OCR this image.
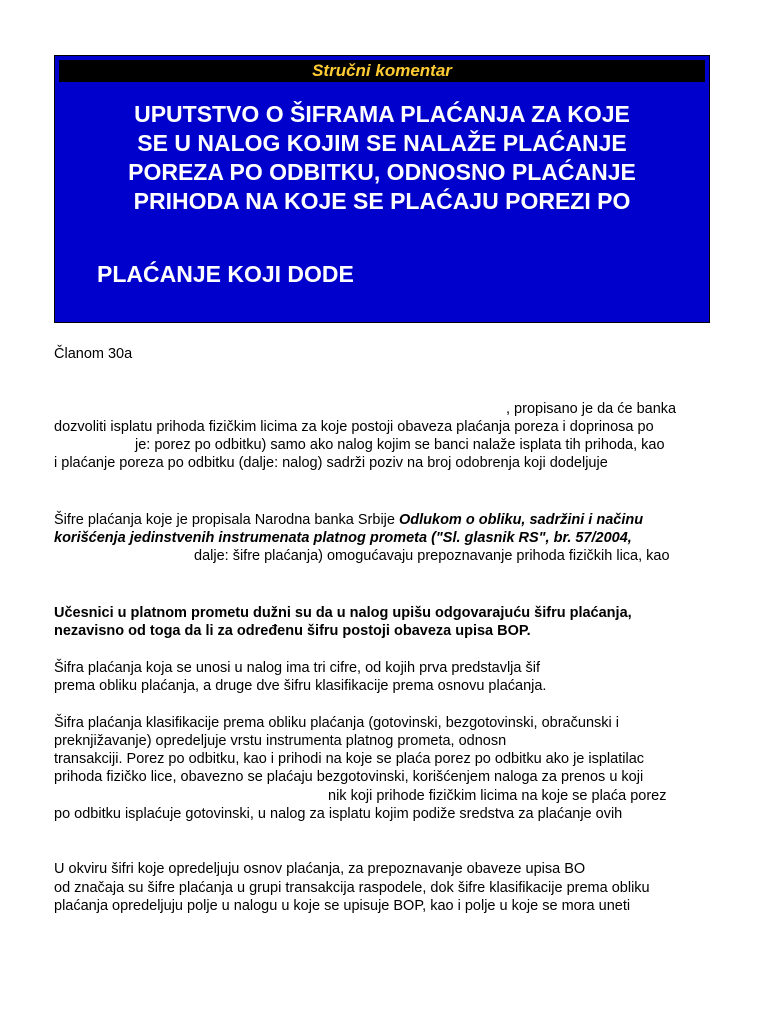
Stručni komentar
UPUTSTVO O ŠIFRAMA PLAĆANJA ZA KOJE
SE U NALOG KOJIM SE NALAŽE PLAĆANJE
POREZA PO ODBITKU, ODNOSNO PLAĆANJE
PRIHODA NA KOJE SE PLAĆAJU POREZI PO
PLAĆANJE KOJI DODE
Članom 30a
, propisano je da će banka
dozvoliti isplatu prihoda fizičkim licima za koje postoji obaveza plaćanja poreza i doprinosa po
je: porez po odbitku) samo ako nalog kojim se banci nalaže isplata tih prihoda, kao
i plaćanje poreza po odbitku (dalje: nalog) sadrži poziv na broj odobrenja koji dodeljuje
Šifre plaćanja koje je propisala Narodna banka Srbije Odlukom o obliku, sadržini i načinu
korišćenja jedinstvenih instrumenata platnog prometa ("Sl. glasnik RS", br. 57/2004,
dalje: šifre plaćanja) omogućavaju prepoznavanje prihoda fizičkih lica, kao
Učesnici u platnom prometu dužni su da u nalog upišu odgovarajuću šifru plaćanja,
nezavisno od toga da li za određenu šifru postoji obaveza upisa BOP.
Šifra plaćanja koja se unosi u nalog ima tri cifre, od kojih prva predstavlja šif
prema obliku plaćanja, a druge dve šifru klasifikacije prema osnovu plaćanja.
Šifra plaćanja klasifikacije prema obliku plaćanja (gotovinski, bezgotovinski, obračunski i
preknjižavanje) opredeljuje vrstu instrumenta platnog prometa, odnosn
transakciji. Porez po odbitku, kao i prihodi na koje se plaća porez po odbitku ako je isplatilac
prihoda fizičko lice, obavezno se plaćaju bezgotovinski, korišćenjem naloga za prenos u koji
nik koji prihode fizičkim licima na koje se plaća porez
po odbitku isplaćuje gotovinski, u nalog za isplatu kojim podiže sredstva za plaćanje ovih
U okviru šifri koje opredeljuju osnov plaćanja, za prepoznavanje obaveze upisa BO
od značaja su šifre plaćanja u grupi transakcija raspodele, dok šifre klasifikacije prema obliku
plaćanja opredeljuju polje u nalogu u koje se upisuje BOP, kao i polje u koje se mora uneti
